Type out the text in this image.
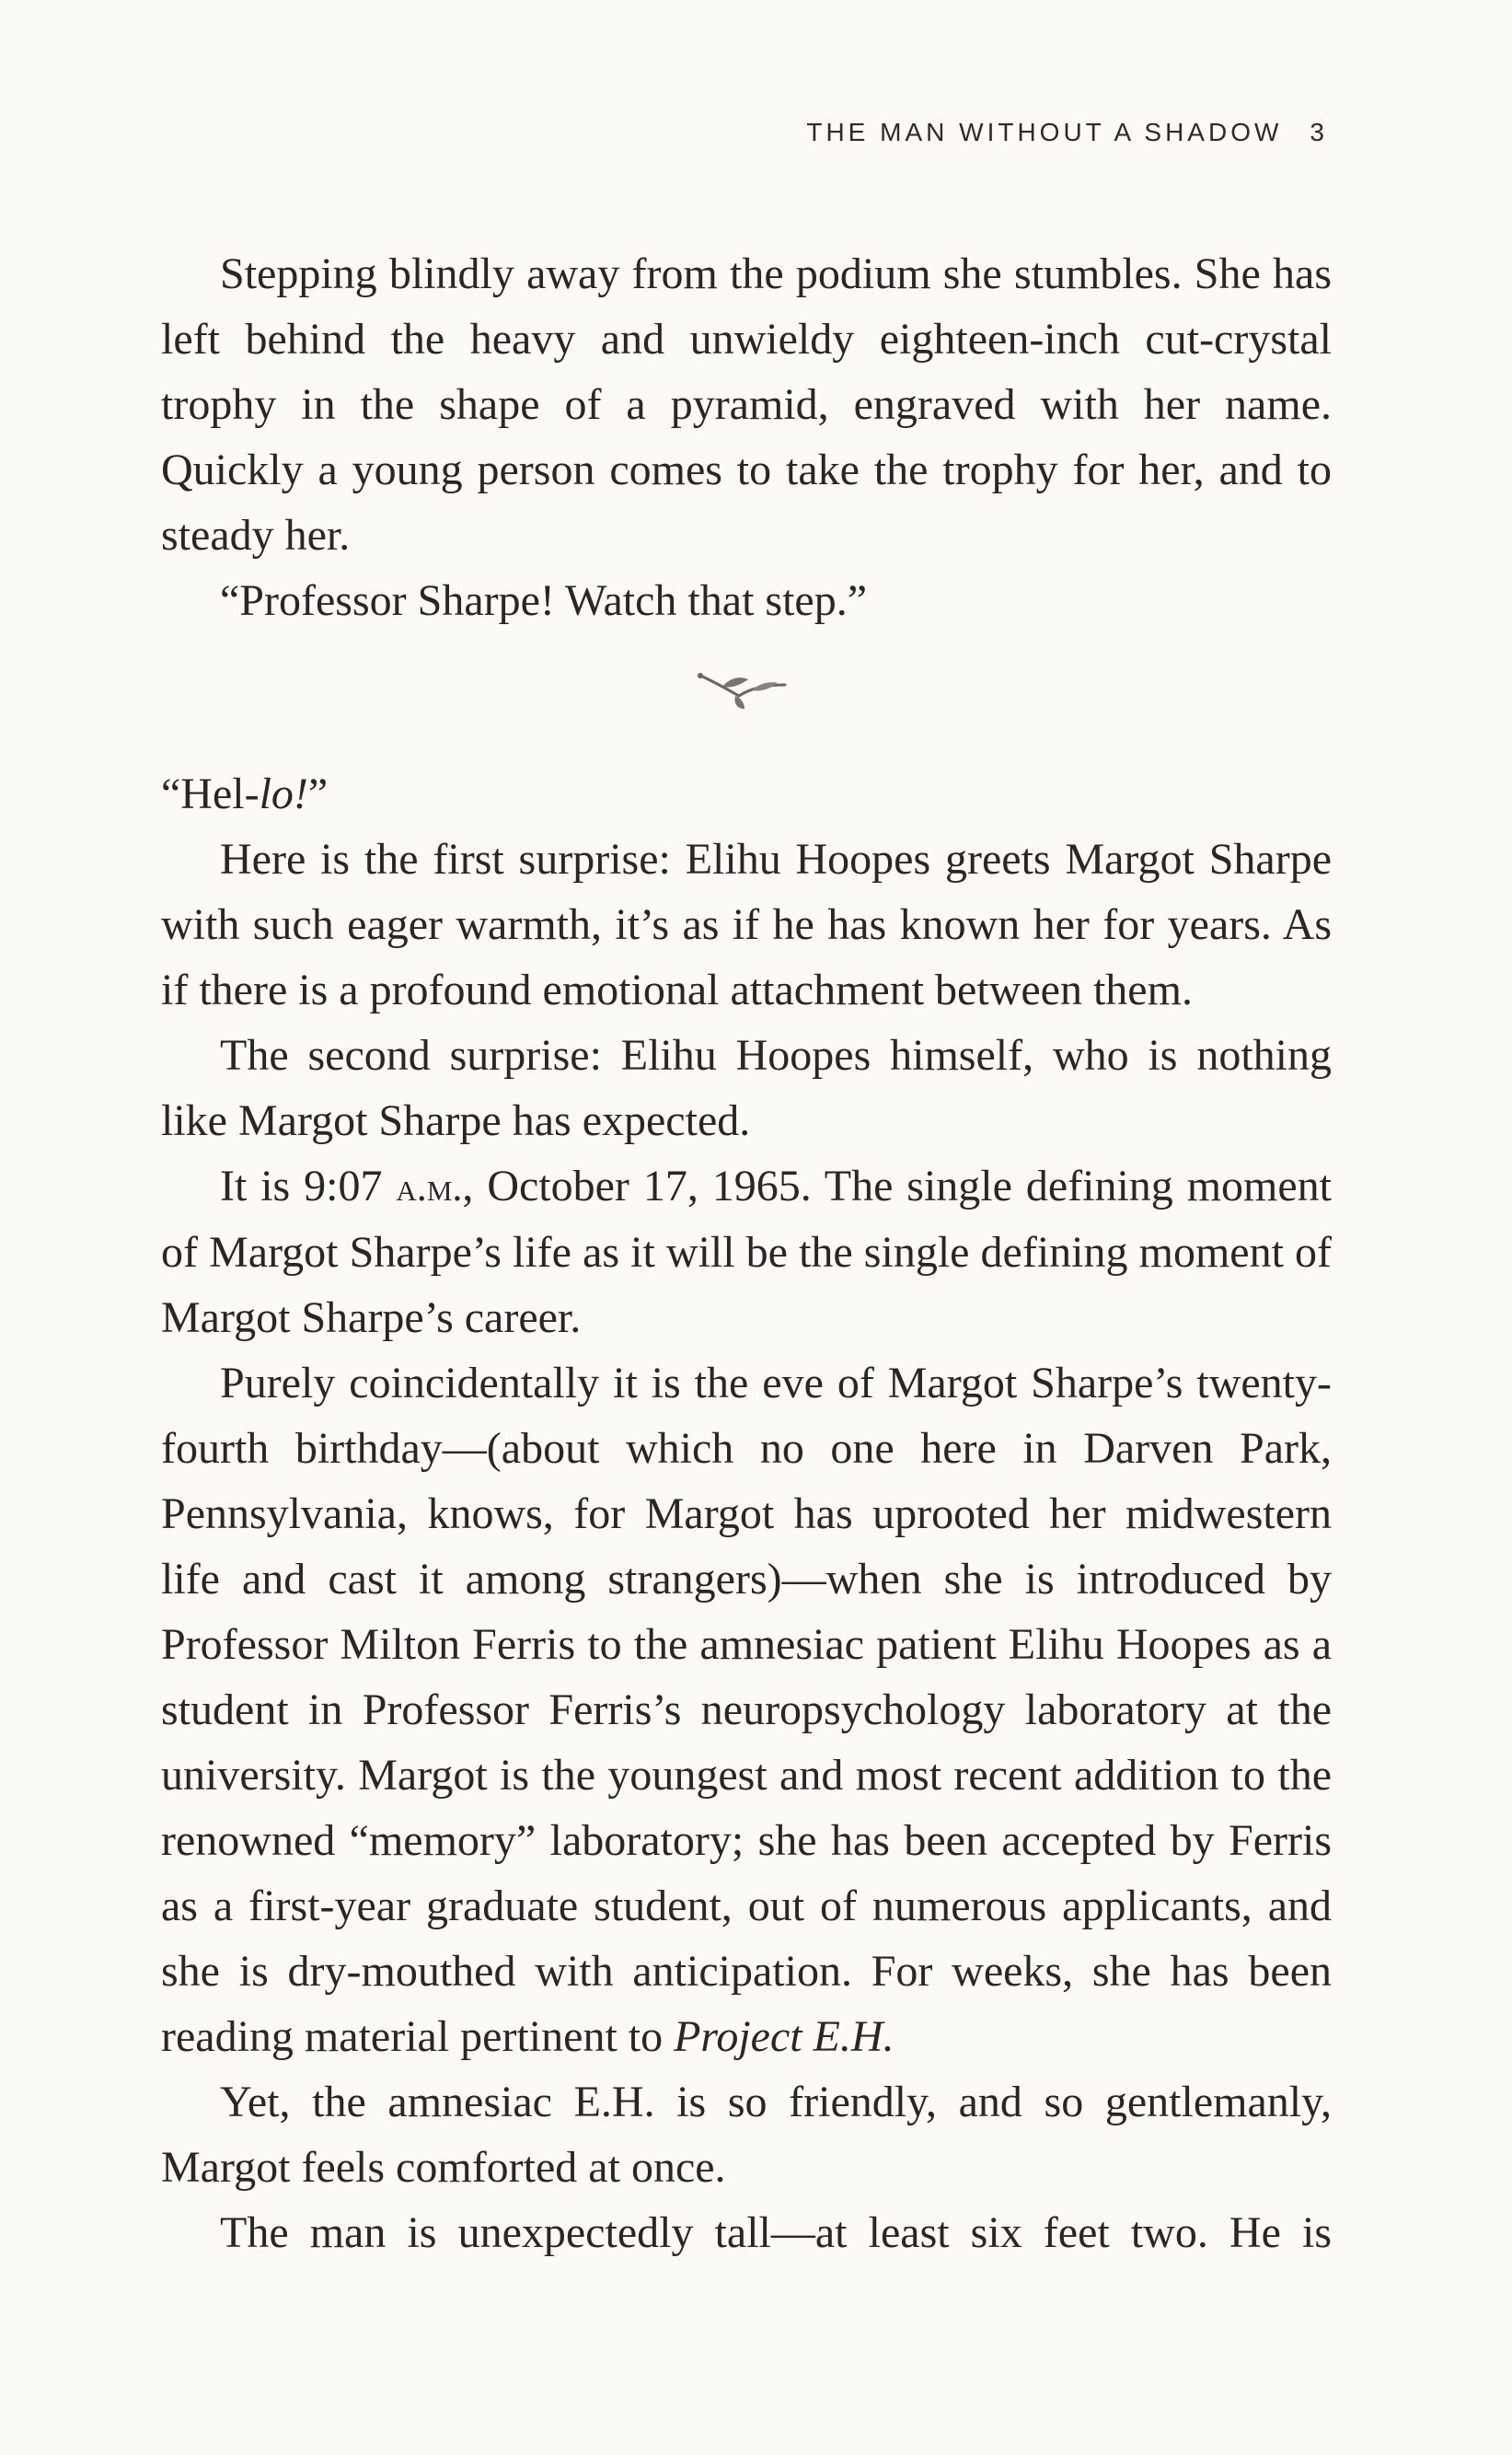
THE MAN WITHOUT A SHADOW 3

Stepping blindly away from the podium she stumbles. She has left behind the heavy and unwieldy eighteen-inch cut-crystal trophy in the shape of a pyramid, engraved with her name. Quickly a young person comes to take the trophy for her, and to steady her.

“Professor Sharpe! Watch that step.”

“Hel-lo!”

Here is the first surprise: Elihu Hoopes greets Margot Sharpe with such eager warmth, it’s as if he has known her for years. As if there is a profound emotional attachment between them.

The second surprise: Elihu Hoopes himself, who is nothing like Margot Sharpe has expected.

It is 9:07 a.m., October 17, 1965. The single defining moment of Margot Sharpe’s life as it will be the single defining moment of Margot Sharpe’s career.

Purely coincidentally it is the eve of Margot Sharpe’s twenty-fourth birthday—(about which no one here in Darven Park, Pennsylvania, knows, for Margot has uprooted her midwestern life and cast it among strangers)—when she is introduced by Professor Milton Ferris to the amnesiac patient Elihu Hoopes as a student in Professor Ferris’s neuropsychology laboratory at the university. Margot is the youngest and most recent addition to the renowned “memory” laboratory; she has been accepted by Ferris as a first-year graduate student, out of numerous applicants, and she is dry-mouthed with anticipation. For weeks, she has been reading material pertinent to Project E.H.

Yet, the amnesiac E.H. is so friendly, and so gentlemanly, Margot feels comforted at once.

The man is unexpectedly tall—at least six feet two. He is
